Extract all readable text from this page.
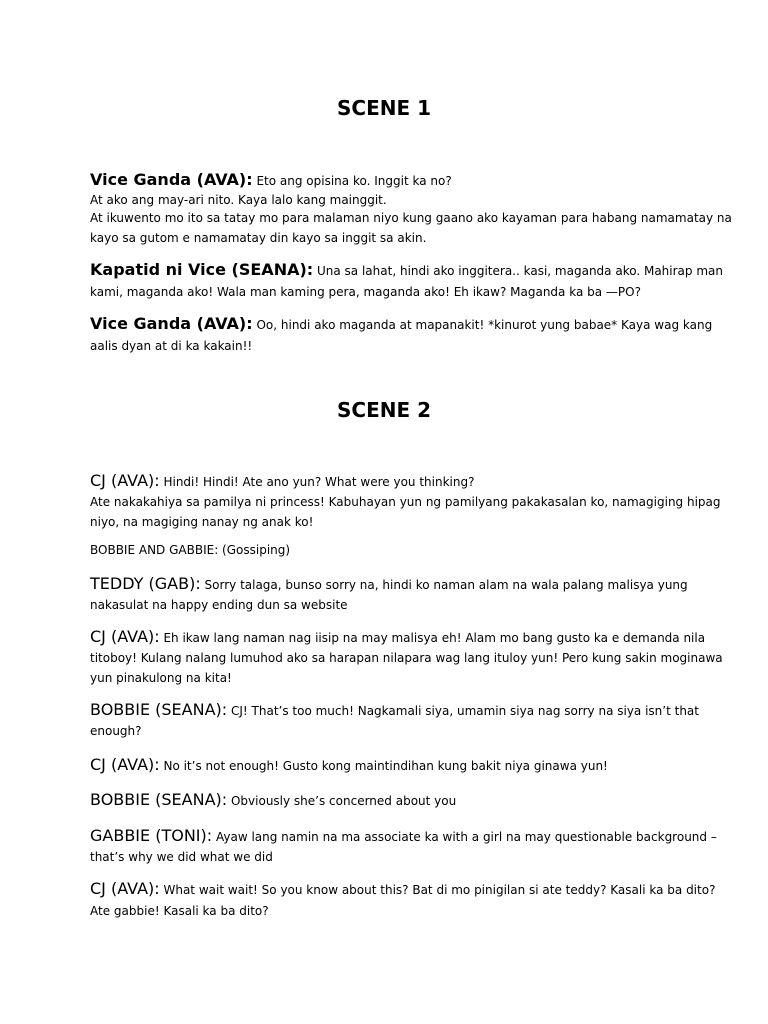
SCENE 1
Vice Ganda (AVA): Eto ang opisina ko. Inggit ka no?
At ako ang may-ari nito. Kaya lalo kang mainggit.
At ikuwento mo ito sa tatay mo para malaman niyo kung gaano ako kayaman para habang namamatay na
kayo sa gutom e namamatay din kayo sa inggit sa akin.
Kapatid ni Vice (SEANA): Una sa lahat, hindi ako inggitera.. kasi, maganda ako. Mahirap man
kami, maganda ako! Wala man kaming pera, maganda ako! Eh ikaw? Maganda ka ba —PO?
Vice Ganda (AVA): Oo, hindi ako maganda at mapanakit! *kinurot yung babae* Kaya wag kang
aalis dyan at di ka kakain!!
SCENE 2
CJ (AVA): Hindi! Hindi! Ate ano yun? What were you thinking?
Ate nakakahiya sa pamilya ni princess! Kabuhayan yun ng pamilyang pakakasalan ko, namagiging hipag
niyo, na magiging nanay ng anak ko!
BOBBIE AND GABBIE: (Gossiping)
TEDDY (GAB): Sorry talaga, bunso sorry na, hindi ko naman alam na wala palang malisya yung
nakasulat na happy ending dun sa website
CJ (AVA): Eh ikaw lang naman nag iisip na may malisya eh! Alam mo bang gusto ka e demanda nila
titoboy! Kulang nalang lumuhod ako sa harapan nilapara wag lang ituloy yun! Pero kung sakin moginawa
yun pinakulong na kita!
BOBBIE (SEANA): CJ! That’s too much! Nagkamali siya, umamin siya nag sorry na siya isn’t that
enough?
CJ (AVA): No it’s not enough! Gusto kong maintindihan kung bakit niya ginawa yun!
BOBBIE (SEANA): Obviously she’s concerned about you
GABBIE (TONI): Ayaw lang namin na ma associate ka with a girl na may questionable background –
that’s why we did what we did
CJ (AVA): What wait wait! So you know about this? Bat di mo pinigilan si ate teddy? Kasali ka ba dito?
Ate gabbie! Kasali ka ba dito?
